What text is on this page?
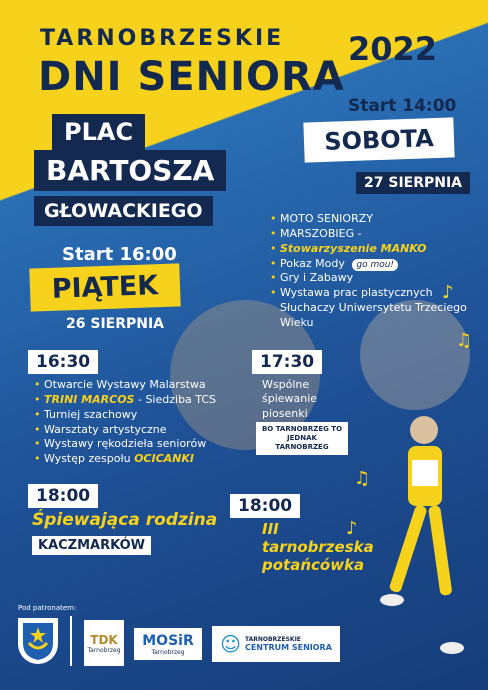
TARNOBRZESKIE
DNI SENIORA
2022
Start 14:00
SOBOTA
27 SIERPNIA
PLAC
BARTOSZA
GŁOWACKIEGO
•	MOTO SENIORZY
• MARSZOBIEG -
• Stowarzyszenie MANKO
• Pokaz Mody go mou!
• Gry i Zabawy
• Wystawa prac plastycznych Słuchaczy Uniwersytetu Trzeciego Wieku
Start 16:00
PIĄTEK
26 SIERPNIA
16:30
• Otwarcie Wystawy Malarstwa
• TRINI MARCOS - Siedziba TCS
• Turniej szachowy
• Warsztaty artystyczne
• Wystawy rękodzieła seniorów
• Występ zespołu OCICANKI
18:00
Śpiewająca rodzina
KACZMARKÓW
17:30
Wspólne śpiewanie piosenki
BO TARNOBRZEG TO JEDNAK TARNOBRZEG
18:00
III tarnobrzeska potańcówka
♪
♫
♪
♫
Pod patronatem:
TDK
Tarnobrzeg
MOSiR
Tarnobrzeg ☺ TARNOBRZESKIE
CENTRUM SENIORA
